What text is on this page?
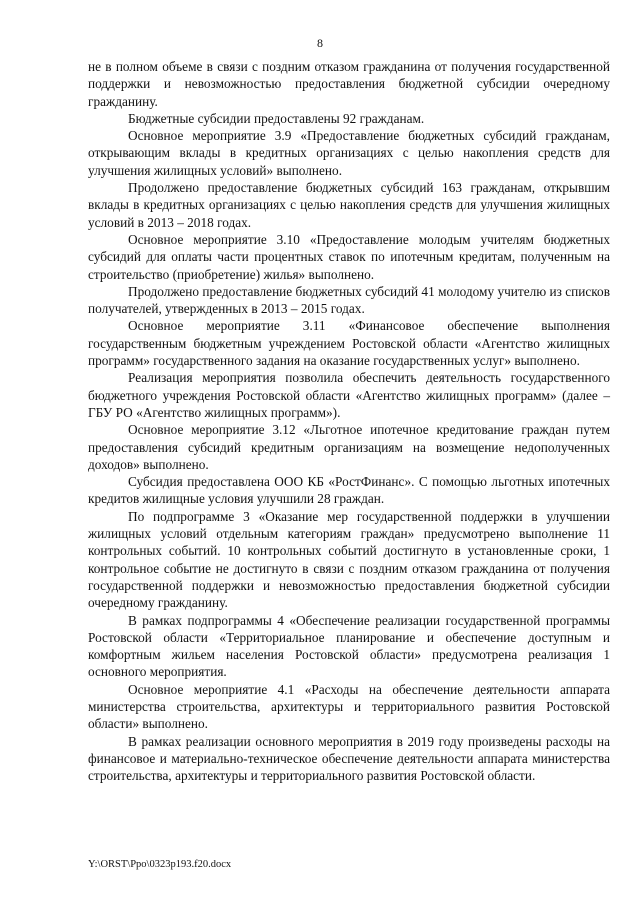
8

не в полном объеме в связи с поздним отказом гражданина от получения государственной поддержки и невозможностью предоставления бюджетной субсидии очередному гражданину.

Бюджетные субсидии предоставлены 92 гражданам.

Основное мероприятие 3.9 «Предоставление бюджетных субсидий гражданам, открывающим вклады в кредитных организациях с целью накопления средств для улучшения жилищных условий» выполнено.

Продолжено предоставление бюджетных субсидий 163 гражданам, открывшим вклады в кредитных организациях с целью накопления средств для улучшения жилищных условий в 2013 – 2018 годах.

Основное мероприятие 3.10 «Предоставление молодым учителям бюджетных субсидий для оплаты части процентных ставок по ипотечным кредитам, полученным на строительство (приобретение) жилья» выполнено.

Продолжено предоставление бюджетных субсидий 41 молодому учителю из списков получателей, утвержденных в 2013 – 2015 годах.

Основное мероприятие 3.11 «Финансовое обеспечение выполнения государственным бюджетным учреждением Ростовской области «Агентство жилищных программ» государственного задания на оказание государственных услуг» выполнено.

Реализация мероприятия позволила обеспечить деятельность государственного бюджетного учреждения Ростовской области «Агентство жилищных программ» (далее – ГБУ РО «Агентство жилищных программ»).

Основное мероприятие 3.12 «Льготное ипотечное кредитование граждан путем предоставления субсидий кредитным организациям на возмещение недополученных доходов» выполнено.

Субсидия предоставлена ООО КБ «РостФинанс». С помощью льготных ипотечных кредитов жилищные условия улучшили 28 граждан.

По подпрограмме 3 «Оказание мер государственной поддержки в улучшении жилищных условий отдельным категориям граждан» предусмотрено выполнение 11 контрольных событий. 10 контрольных событий достигнуто в установленные сроки, 1 контрольное событие не достигнуто в связи с поздним отказом гражданина от получения государственной поддержки и невозможностью предоставления бюджетной субсидии очередному гражданину.

В рамках подпрограммы 4 «Обеспечение реализации государственной программы Ростовской области «Территориальное планирование и обеспечение доступным и комфортным жильем населения Ростовской области» предусмотрена реализация 1 основного мероприятия.

Основное мероприятие 4.1 «Расходы на обеспечение деятельности аппарата министерства строительства, архитектуры и территориального развития Ростовской области» выполнено.

В рамках реализации основного мероприятия в 2019 году произведены расходы на финансовое и материально-техническое обеспечение деятельности аппарата министерства строительства, архитектуры и территориального развития Ростовской области.

Y:\ORST\Ppo\0323p193.f20.docx
